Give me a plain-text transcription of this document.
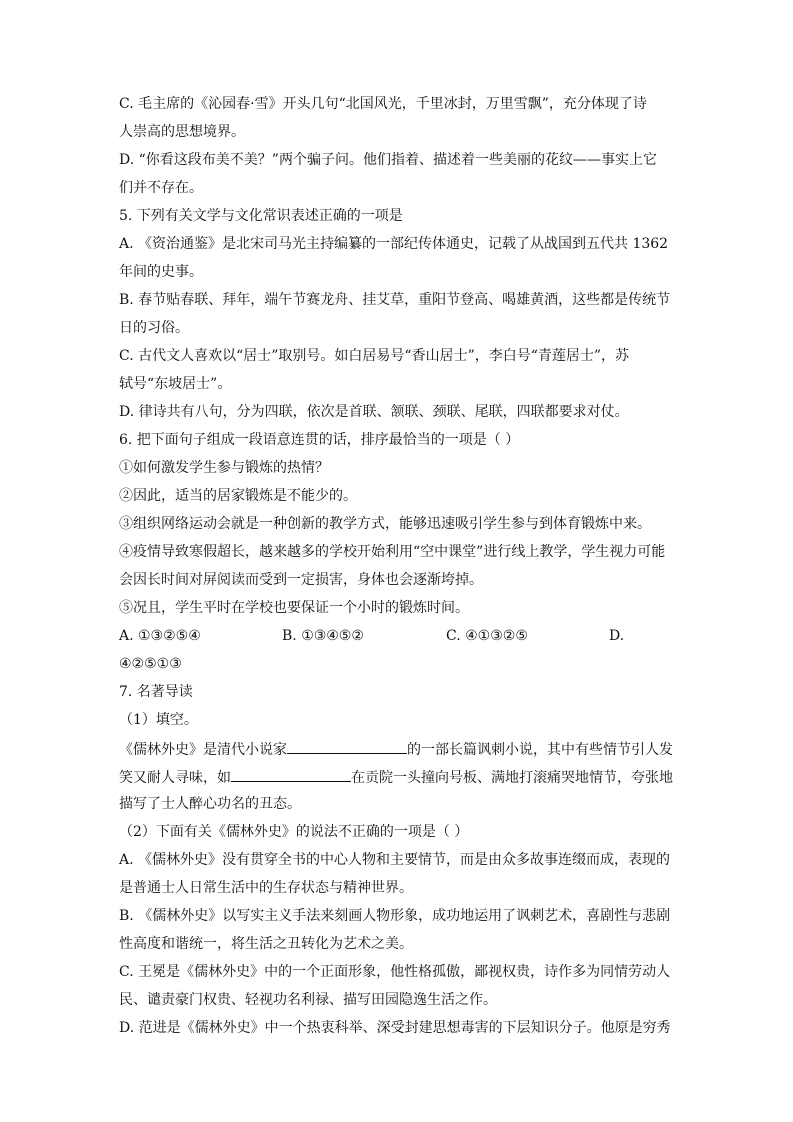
C. 毛主席的《沁园春·雪》开头几句“北国风光，千里冰封，万里雪飘”，充分体现了诗
人崇高的思想境界。
D. “你看这段布美不美？”两个骗子问。他们指着、描述着一些美丽的花纹——事实上它
们并不存在。
5. 下列有关文学与文化常识表述正确的一项是
A. 《资治通鉴》是北宋司马光主持编纂的一部纪传体通史，记载了从战国到五代共 1362
年间的史事。
B. 春节贴春联、拜年，端午节赛龙舟、挂艾草，重阳节登高、喝雄黄酒，这些都是传统节
日的习俗。
C. 古代文人喜欢以“居士”取别号。如白居易号“香山居士”，李白号“青莲居士”，苏
轼号“东坡居士”。
D. 律诗共有八句，分为四联，依次是首联、颔联、颈联、尾联，四联都要求对仗。
6. 把下面句子组成一段语意连贯的话，排序最恰当的一项是（ ）
①如何激发学生参与锻炼的热情？
②因此，适当的居家锻炼是不能少的。
③组织网络运动会就是一种创新的教学方式，能够迅速吸引学生参与到体育锻炼中来。
④疫情导致寒假超长，越来越多的学校开始利用“空中课堂”进行线上教学，学生视力可能
会因长时间对屏阅读而受到一定损害，身体也会逐渐垮掉。
⑤况且，学生平时在学校也要保证一个小时的锻炼时间。
A. ①③②⑤④	B. ①③④⑤②	C. ④①③②⑤	D.
④②⑤①③
7. 名著导读
（1）填空。
《儒林外史》是清代小说家	的一部长篇讽刺小说，其中有些情节引人发
笑又耐人寻味，如	在贡院一头撞向号板、满地打滚痛哭地情节，夸张地
描写了士人醉心功名的丑态。
（2）下面有关《儒林外史》的说法不正确的一项是（ ）
A. 《儒林外史》没有贯穿全书的中心人物和主要情节，而是由众多故事连缀而成，表现的
是普通士人日常生活中的生存状态与精神世界。
B. 《儒林外史》以写实主义手法来刻画人物形象，成功地运用了讽刺艺术，喜剧性与悲剧
性高度和谐统一，将生活之丑转化为艺术之美。
C. 王冕是《儒林外史》中的一个正面形象，他性格孤傲，鄙视权贵，诗作多为同情劳动人
民、谴责豪门权贵、轻视功名利禄、描写田园隐逸生活之作。
D. 范进是《儒林外史》中一个热衷科举、深受封建思想毒害的下层知识分子。他原是穷秀
